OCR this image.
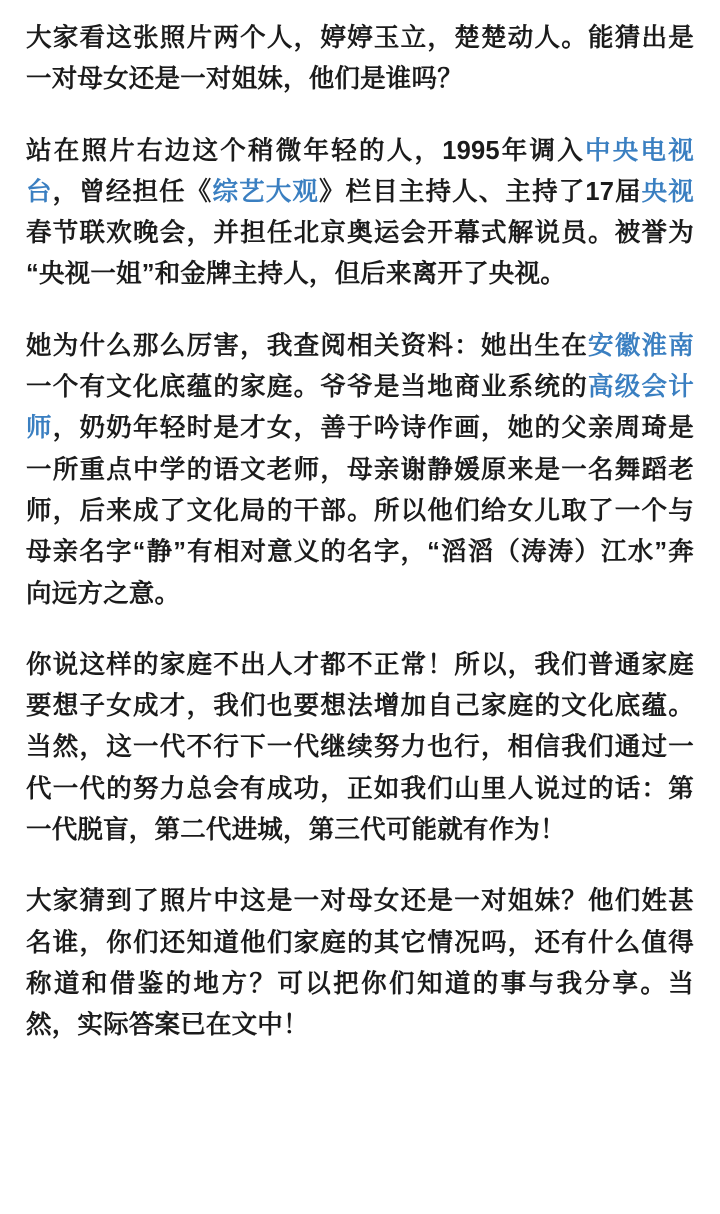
大家看这张照片两个人，婷婷玉立，楚楚动人。能猜出是一对母女还是一对姐妹，他们是谁吗？

站在照片右边这个稍微年轻的人，1995年调入中央电视台，曾经担任《综艺大观》栏目主持人、主持了17届央视春节联欢晚会，并担任北京奥运会开幕式解说员。被誉为“央视一姐”和金牌主持人，但后来离开了央视。

她为什么那么厉害，我查阅相关资料：她出生在安徽淮南一个有文化底蕴的家庭。爷爷是当地商业系统的高级会计师，奶奶年轻时是才女，善于吟诗作画，她的父亲周琦是一所重点中学的语文老师，母亲谢静媛原来是一名舞蹈老师，后来成了文化局的干部。所以他们给女儿取了一个与母亲名字“静”有相对意义的名字，“滔滔（涛涛）江水”奔向远方之意。

你说这样的家庭不出人才都不正常！所以，我们普通家庭要想子女成才，我们也要想法增加自己家庭的文化底蕴。当然，这一代不行下一代继续努力也行，相信我们通过一代一代的努力总会有成功，正如我们山里人说过的话：第一代脱盲，第二代进城，第三代可能就有作为！

大家猜到了照片中这是一对母女还是一对姐妹？他们姓甚名谁，你们还知道他们家庭的其它情况吗，还有什么值得称道和借鉴的地方？可以把你们知道的事与我分享。当然，实际答案已在文中！
